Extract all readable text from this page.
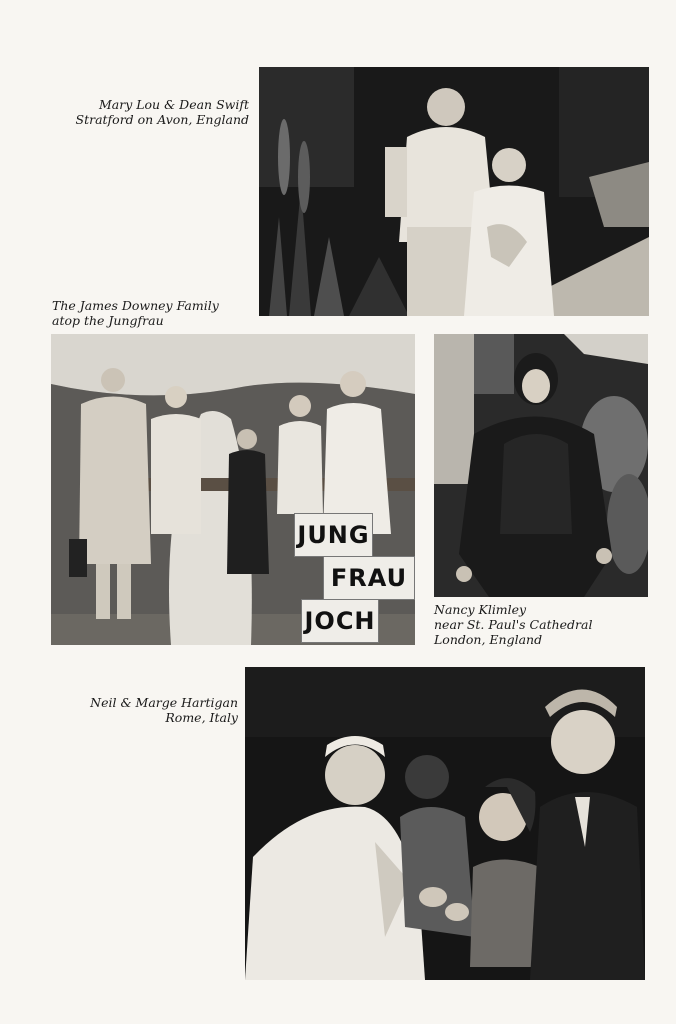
Mary Lou & Dean Swift
Stratford on Avon, England
The James Downey Family
atop the Jungfrau
JUNG
FRAU
JOCH	Nancy Klimley
near St. Paul's Cathedral
London, England
Neil & Marge Hartigan
Rome, Italy
